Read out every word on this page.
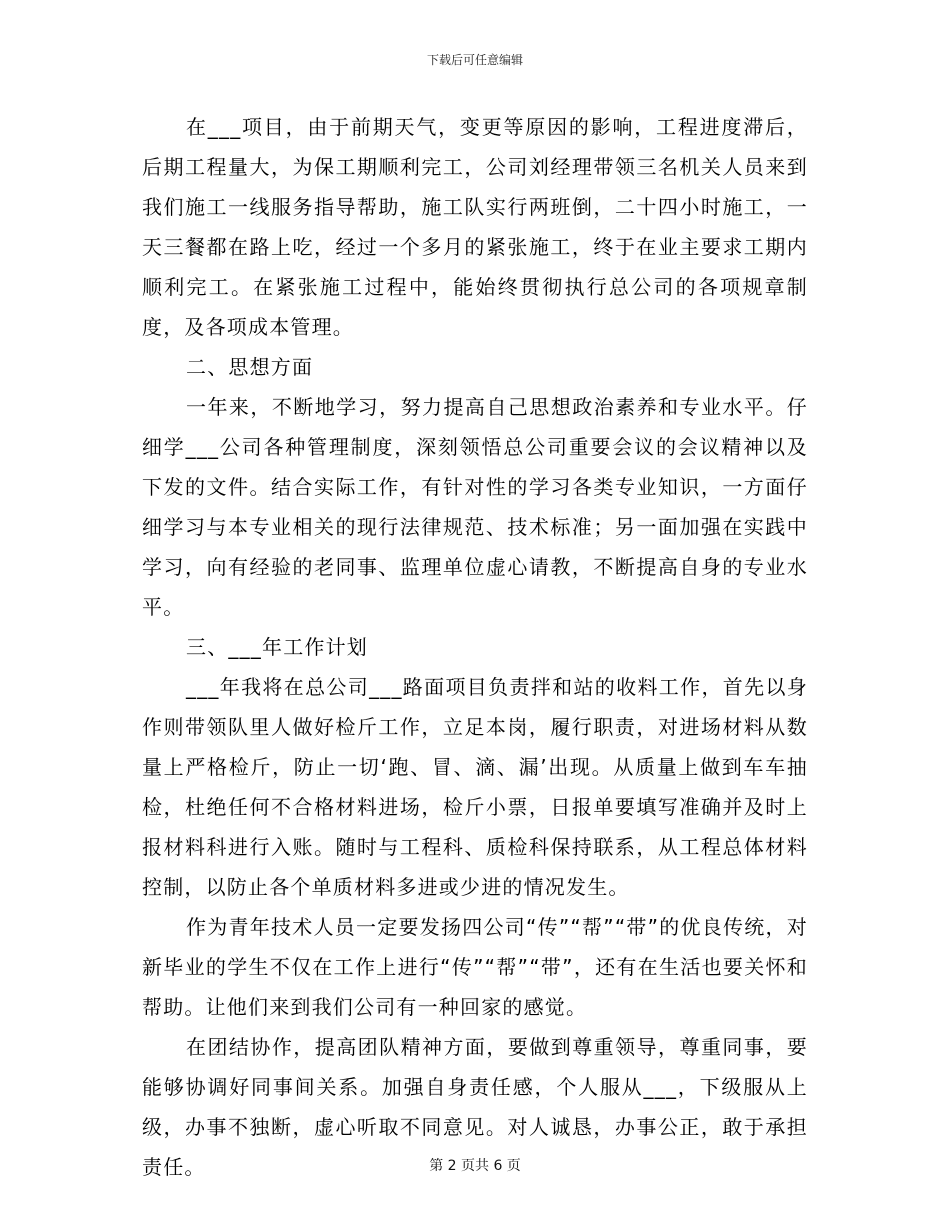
下载后可任意编辑

在___项目，由于前期天气，变更等原因的影响，工程进度滞后，后期工程量大，为保工期顺利完工，公司刘经理带领三名机关人员来到我们施工一线服务指导帮助，施工队实行两班倒，二十四小时施工，一天三餐都在路上吃，经过一个多月的紧张施工，终于在业主要求工期内顺利完工。在紧张施工过程中，能始终贯彻执行总公司的各项规章制度，及各项成本管理。

二、思想方面

一年来，不断地学习，努力提高自己思想政治素养和专业水平。仔细学___公司各种管理制度，深刻领悟总公司重要会议的会议精神以及下发的文件。结合实际工作，有针对性的学习各类专业知识，一方面仔细学习与本专业相关的现行法律规范、技术标准；另一面加强在实践中学习，向有经验的老同事、监理单位虚心请教，不断提高自身的专业水平。

三、___年工作计划

___年我将在总公司___路面项目负责拌和站的收料工作，首先以身作则带领队里人做好检斤工作，立足本岗，履行职责，对进场材料从数量上严格检斤，防止一切‘跑、冒、滴、漏’出现。从质量上做到车车抽检，杜绝任何不合格材料进场，检斤小票，日报单要填写准确并及时上报材料科进行入账。随时与工程科、质检科保持联系，从工程总体材料控制，以防止各个单质材料多进或少进的情况发生。

作为青年技术人员一定要发扬四公司“传”“帮”“带”的优良传统，对新毕业的学生不仅在工作上进行“传”“帮”“带”，还有在生活也要关怀和帮助。让他们来到我们公司有一种回家的感觉。

在团结协作，提高团队精神方面，要做到尊重领导，尊重同事，要能够协调好同事间关系。加强自身责任感，个人服从___，下级服从上级，办事不独断，虚心听取不同意见。对人诚恳，办事公正，敢于承担责任。	第 2 页共 6 页
